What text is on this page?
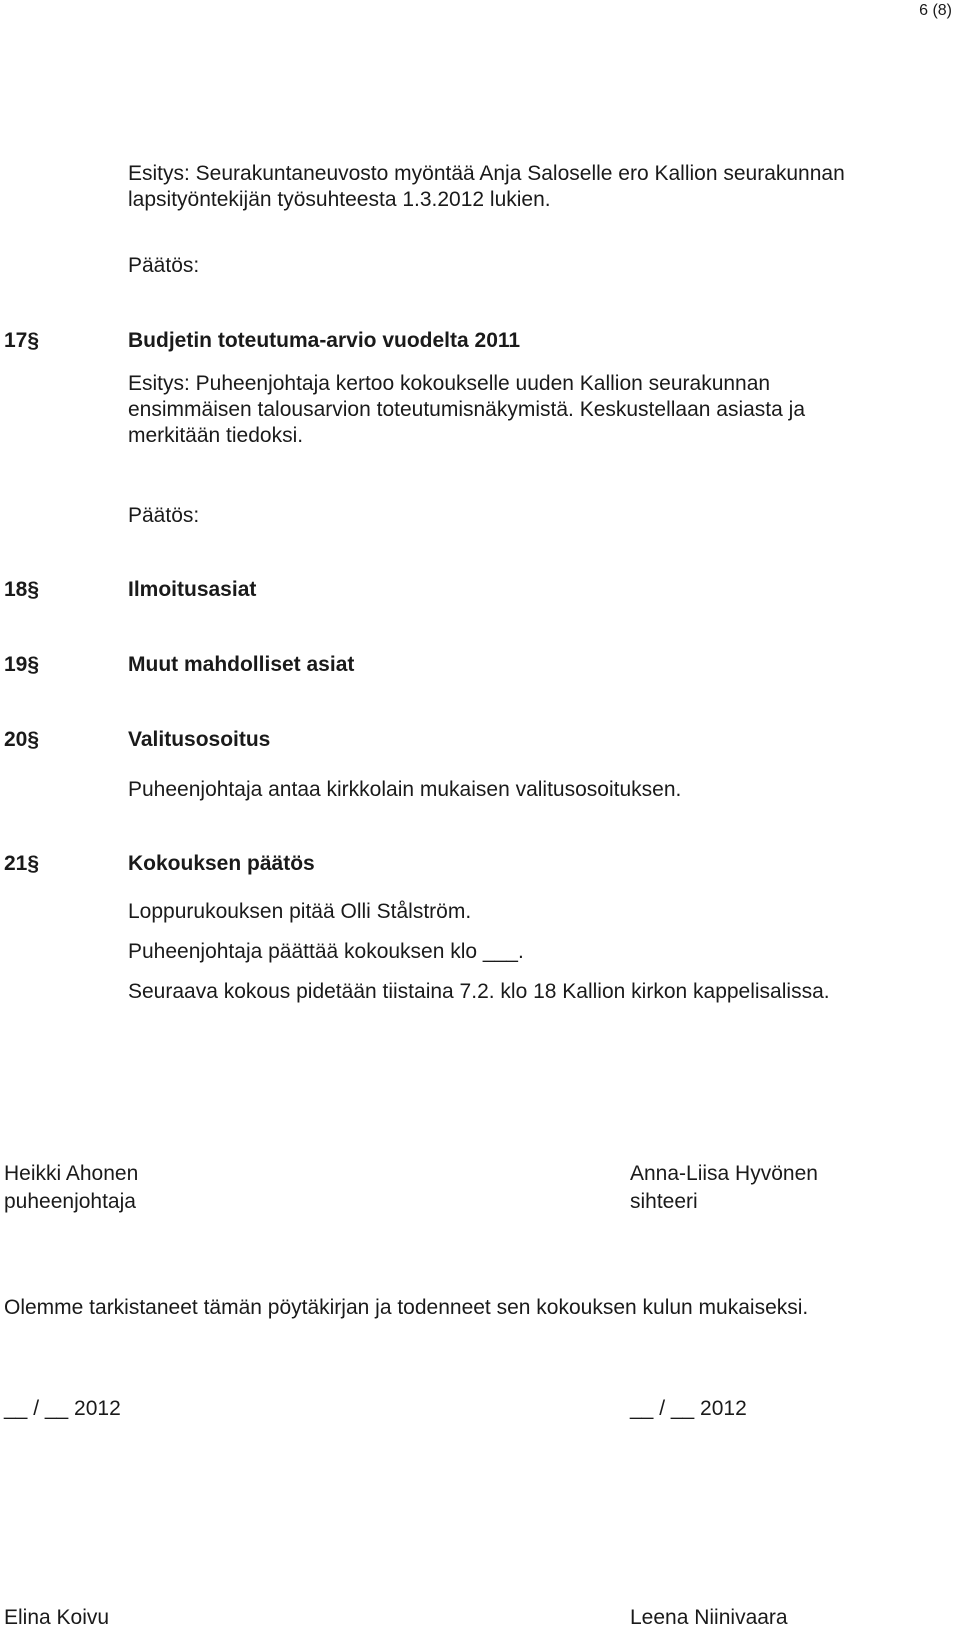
6 (8)
Esitys: Seurakuntaneuvosto myöntää Anja Saloselle ero Kallion seurakunnan
lapsityöntekijän työsuhteesta 1.3.2012 lukien.
Päätös:
17§	Budjetin toteutuma-arvio vuodelta 2011
Esitys: Puheenjohtaja kertoo kokoukselle uuden Kallion seurakunnan
ensimmäisen talousarvion toteutumisnäkymistä. Keskustellaan asiasta ja
merkitään tiedoksi.
Päätös:
18§	Ilmoitusasiat
19§	Muut mahdolliset asiat
20§	Valitusosoitus
Puheenjohtaja antaa kirkkolain mukaisen valitusosoituksen.
21§	Kokouksen päätös
Loppurukouksen pitää Olli Stålström.
Puheenjohtaja päättää kokouksen klo ___.
Seuraava kokous pidetään tiistaina 7.2. klo 18 Kallion kirkon kappelisalissa.
Heikki Ahonen
puheenjohtaja
Anna-Liisa Hyvönen
sihteeri
Olemme tarkistaneet tämän pöytäkirjan ja todenneet sen kokouksen kulun mukaiseksi.
__ / __ 2012	__ / __ 2012
Elina Koivu	Leena Niinivaara
